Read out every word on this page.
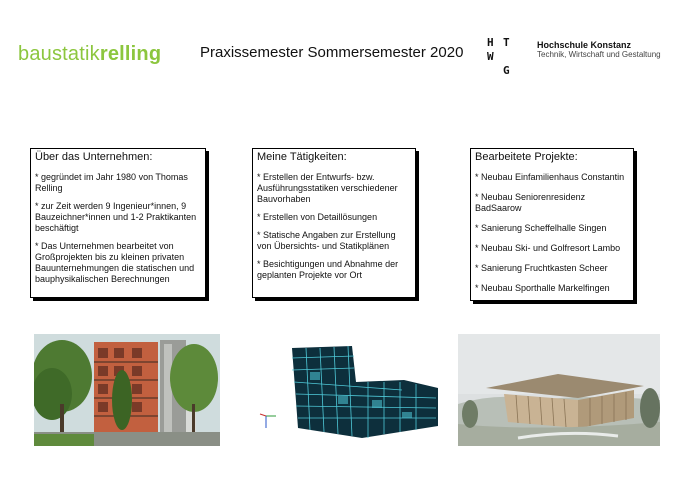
baustatikrelling	Praxissemester Sommersemester 2020
H T
W
G
Hochschule Konstanz
Technik, Wirtschaft und Gestaltung
Über das Unternehmen:

* gegründet im Jahr 1980 von Thomas Relling

* zur Zeit werden 9 Ingenieur*innen, 9 Bauzeichner*innen und 1-2 Praktikanten beschäftigt

* Das Unternehmen bearbeitet von Großprojekten bis zu kleinen privaten Bauunternehmungen die statischen und bauphysikalischen Berechnungen

Meine Tätigkeiten:

* Erstellen der Entwurfs- bzw. Ausführungsstatiken verschiedener Bauvorhaben

* Erstellen von Detaillösungen

* Statische Angaben zur Erstellung von Übersichts- und Statikplänen

* Besichtigungen und Abnahme der geplanten Projekte vor Ort

Bearbeitete Projekte:

* Neubau Einfamilienhaus Constantin

* Neubau Seniorenresidenz BadSaarow

* Sanierung Scheffelhalle Singen

* Neubau Ski- und Golfresort Lambo

* Sanierung Fruchtkasten Scheer

* Neubau Sporthalle Markelfingen
